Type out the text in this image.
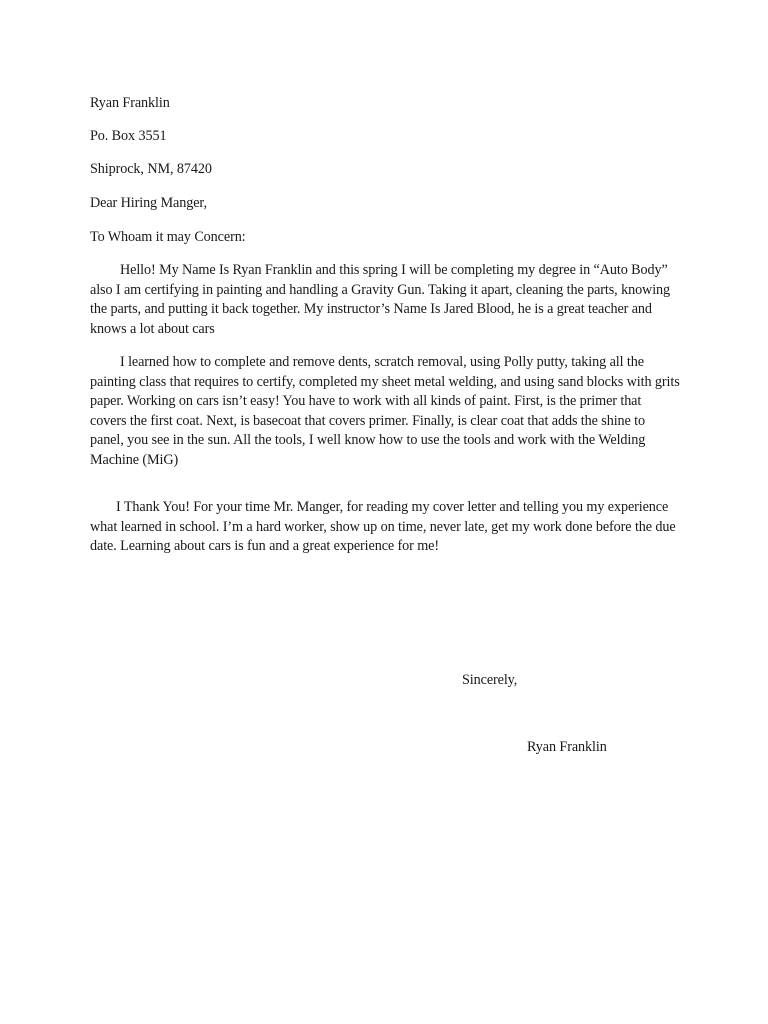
Ryan Franklin
Po. Box 3551
Shiprock, NM, 87420
Dear Hiring Manger,
To Whoam it may Concern:

Hello! My Name Is Ryan Franklin and this spring I will be completing my degree in “Auto Body” also I am certifying in painting and handling a Gravity Gun. Taking it apart, cleaning the parts, knowing the parts, and putting it back together. My instructor’s Name Is Jared Blood, he is a great teacher and knows a lot about cars

I learned how to complete and remove dents, scratch removal, using Polly putty, taking all the painting class that requires to certify, completed my sheet metal welding, and using sand blocks with grits paper. Working on cars isn’t easy! You have to work with all kinds of paint. First, is the primer that covers the first coat. Next, is basecoat that covers primer. Finally, is clear coat that adds the shine to panel, you see in the sun. All the tools, I well know how to use the tools and work with the Welding Machine (MiG)

I Thank You! For your time Mr. Manger, for reading my cover letter and telling you my experience what learned in school. I’m a hard worker, show up on time, never late, get my work done before the due date. Learning about cars is fun and a great experience for me!

Sincerely,
Ryan Franklin
